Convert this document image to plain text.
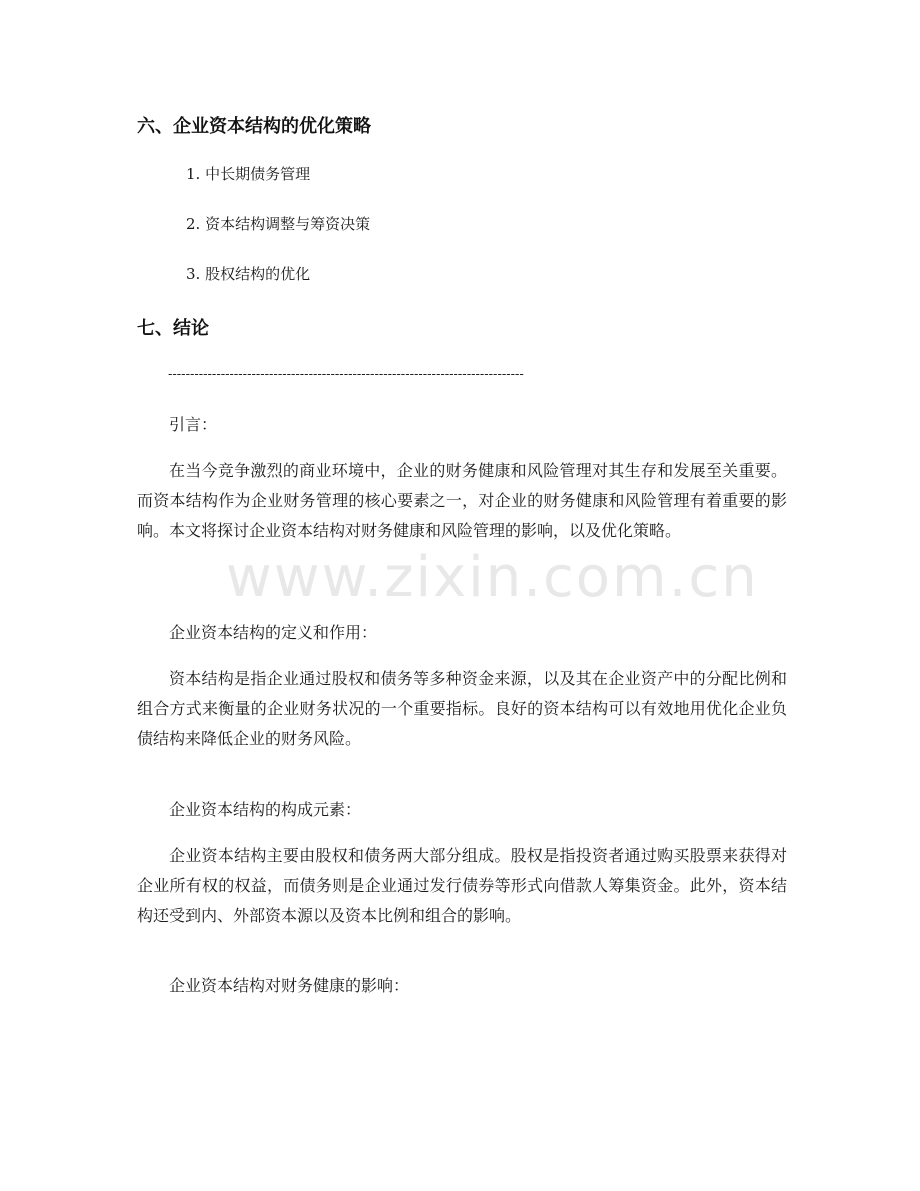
六、企业资本结构的优化策略

1. 中长期债务管理

2. 资本结构调整与筹资决策

3. 股权结构的优化

七、结论

---------------------------------------------------------------------------------

引言：

在当今竞争激烈的商业环境中，企业的财务健康和风险管理对其生存和发展至关重要。而资本结构作为企业财务管理的核心要素之一，对企业的财务健康和风险管理有着重要的影响。本文将探讨企业资本结构对财务健康和风险管理的影响，以及优化策略。

企业资本结构的定义和作用：

资本结构是指企业通过股权和债务等多种资金来源，以及其在企业资产中的分配比例和组合方式来衡量的企业财务状况的一个重要指标。良好的资本结构可以有效地用优化企业负债结构来降低企业的财务风险。

企业资本结构的构成元素：

企业资本结构主要由股权和债务两大部分组成。股权是指投资者通过购买股票来获得对企业所有权的权益，而债务则是企业通过发行债券等形式向借款人筹集资金。此外，资本结构还受到内、外部资本源以及资本比例和组合的影响。

企业资本结构对财务健康的影响：

www.zixin.com.cn
